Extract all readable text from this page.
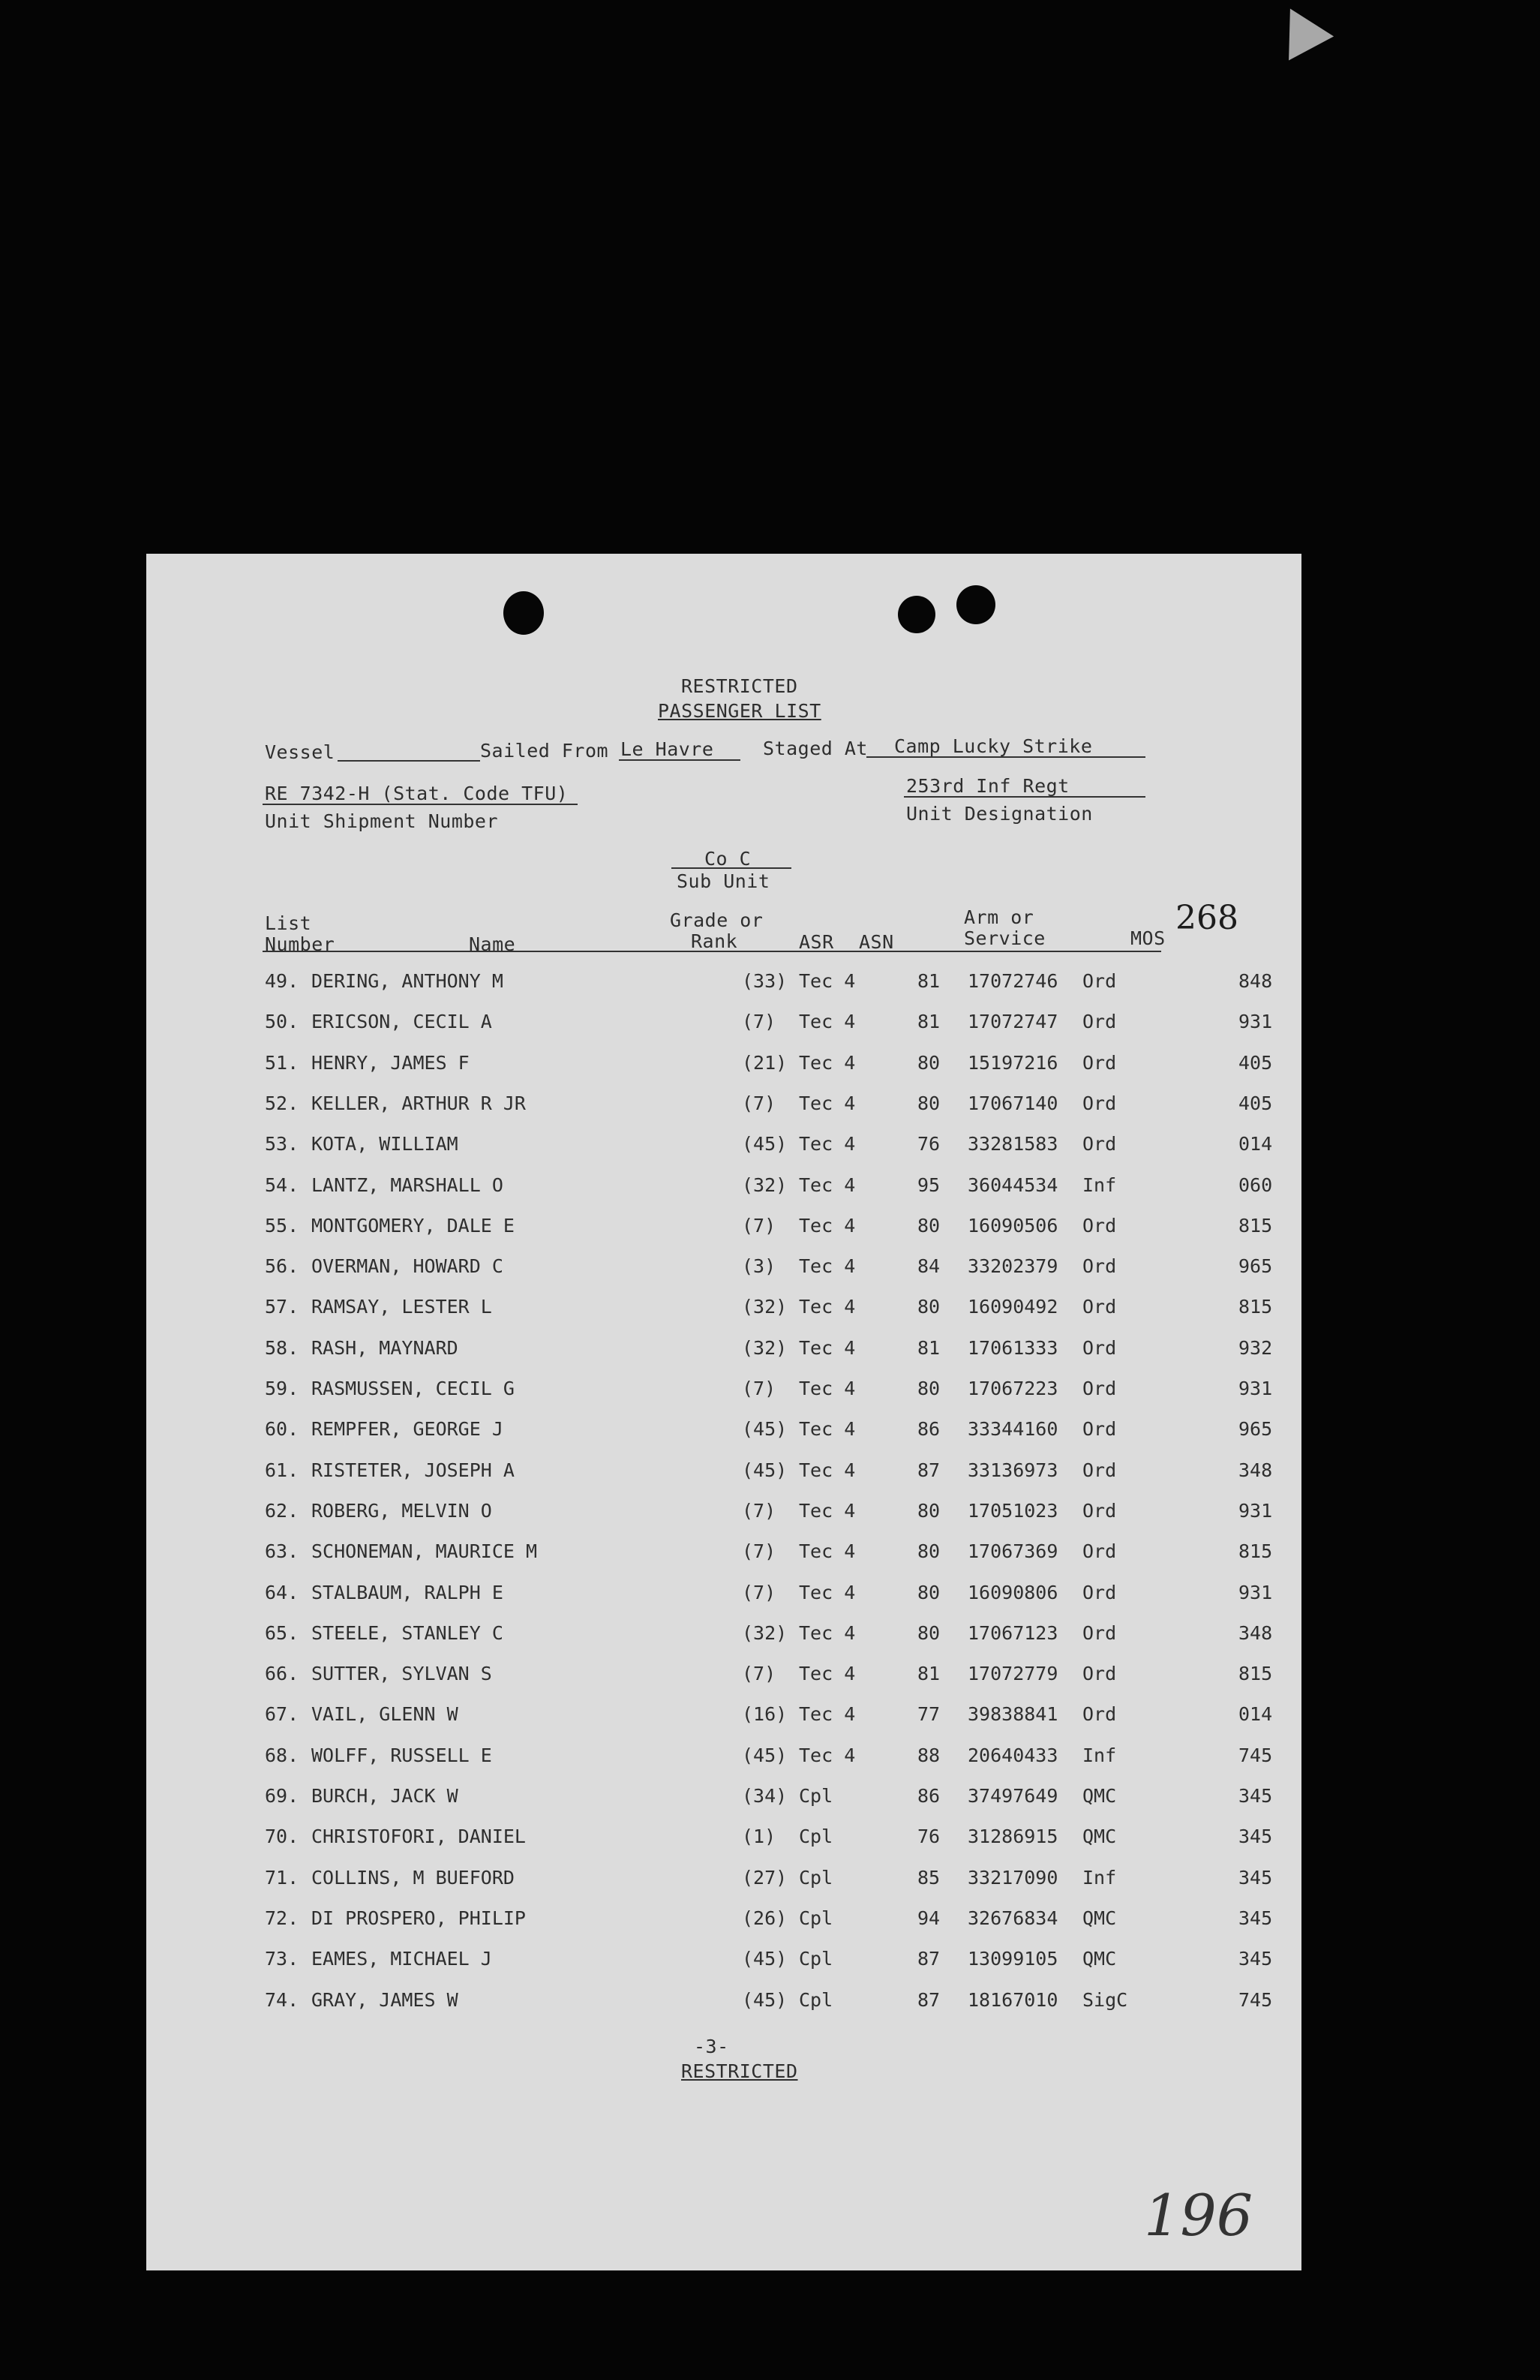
RESTRICTED
PASSENGER LIST
Vessel	Sailed From Le Havre	Staged At Camp Lucky Strike
RE 7342-H (Stat. Code TFU)
Unit Shipment Number
253rd Inf Regt
Unit Designation
Co C
Sub Unit
268
List
Number	Name
Grade or
Rank	ASR ASN
Arm or
Service	MOS
49. DERING, ANTHONY M	(33) Tec 4	81 17072746 Ord	848
50. ERICSON, CECIL A	(7) Tec 4	81 17072747 Ord	931
51. HENRY, JAMES F	(21) Tec 4	80 15197216 Ord	405
52. KELLER, ARTHUR R JR	(7) Tec 4	80 17067140 Ord	405
53. KOTA, WILLIAM	(45) Tec 4	76 33281583 Ord	014
54. LANTZ, MARSHALL O	(32) Tec 4	95 36044534 Inf	060
55. MONTGOMERY, DALE E	(7) Tec 4	80 16090506 Ord	815
56. OVERMAN, HOWARD C	(3) Tec 4	84 33202379 Ord	965
57. RAMSAY, LESTER L	(32) Tec 4	80 16090492 Ord	815
58. RASH, MAYNARD	(32) Tec 4	81 17061333 Ord	932
59. RASMUSSEN, CECIL G	(7) Tec 4	80 17067223 Ord	931
60. REMPFER, GEORGE J	(45) Tec 4	86 33344160 Ord	965
61. RISTETER, JOSEPH A	(45) Tec 4	87 33136973 Ord	348
62. ROBERG, MELVIN O	(7) Tec 4	80 17051023 Ord	931
63. SCHONEMAN, MAURICE M	(7) Tec 4	80 17067369 Ord	815
64. STALBAUM, RALPH E	(7) Tec 4	80 16090806 Ord	931
65. STEELE, STANLEY C	(32) Tec 4	80 17067123 Ord	348
66. SUTTER, SYLVAN S	(7) Tec 4	81 17072779 Ord	815
67. VAIL, GLENN W	(16) Tec 4	77 39838841 Ord	014
68. WOLFF, RUSSELL E	(45) Tec 4	88 20640433 Inf	745
69. BURCH, JACK W	(34) Cpl	86 37497649 QMC	345
70. CHRISTOFORI, DANIEL	(1) Cpl	76 31286915 QMC	345
71. COLLINS, M BUEFORD	(27) Cpl	85 33217090 Inf	345
72. DI PROSPERO, PHILIP	(26) Cpl	94 32676834 QMC	345
73. EAMES, MICHAEL J	(45) Cpl	87 13099105 QMC	345
74. GRAY, JAMES W	(45) Cpl	87 18167010 SigC	745
-3-
RESTRICTED
196
